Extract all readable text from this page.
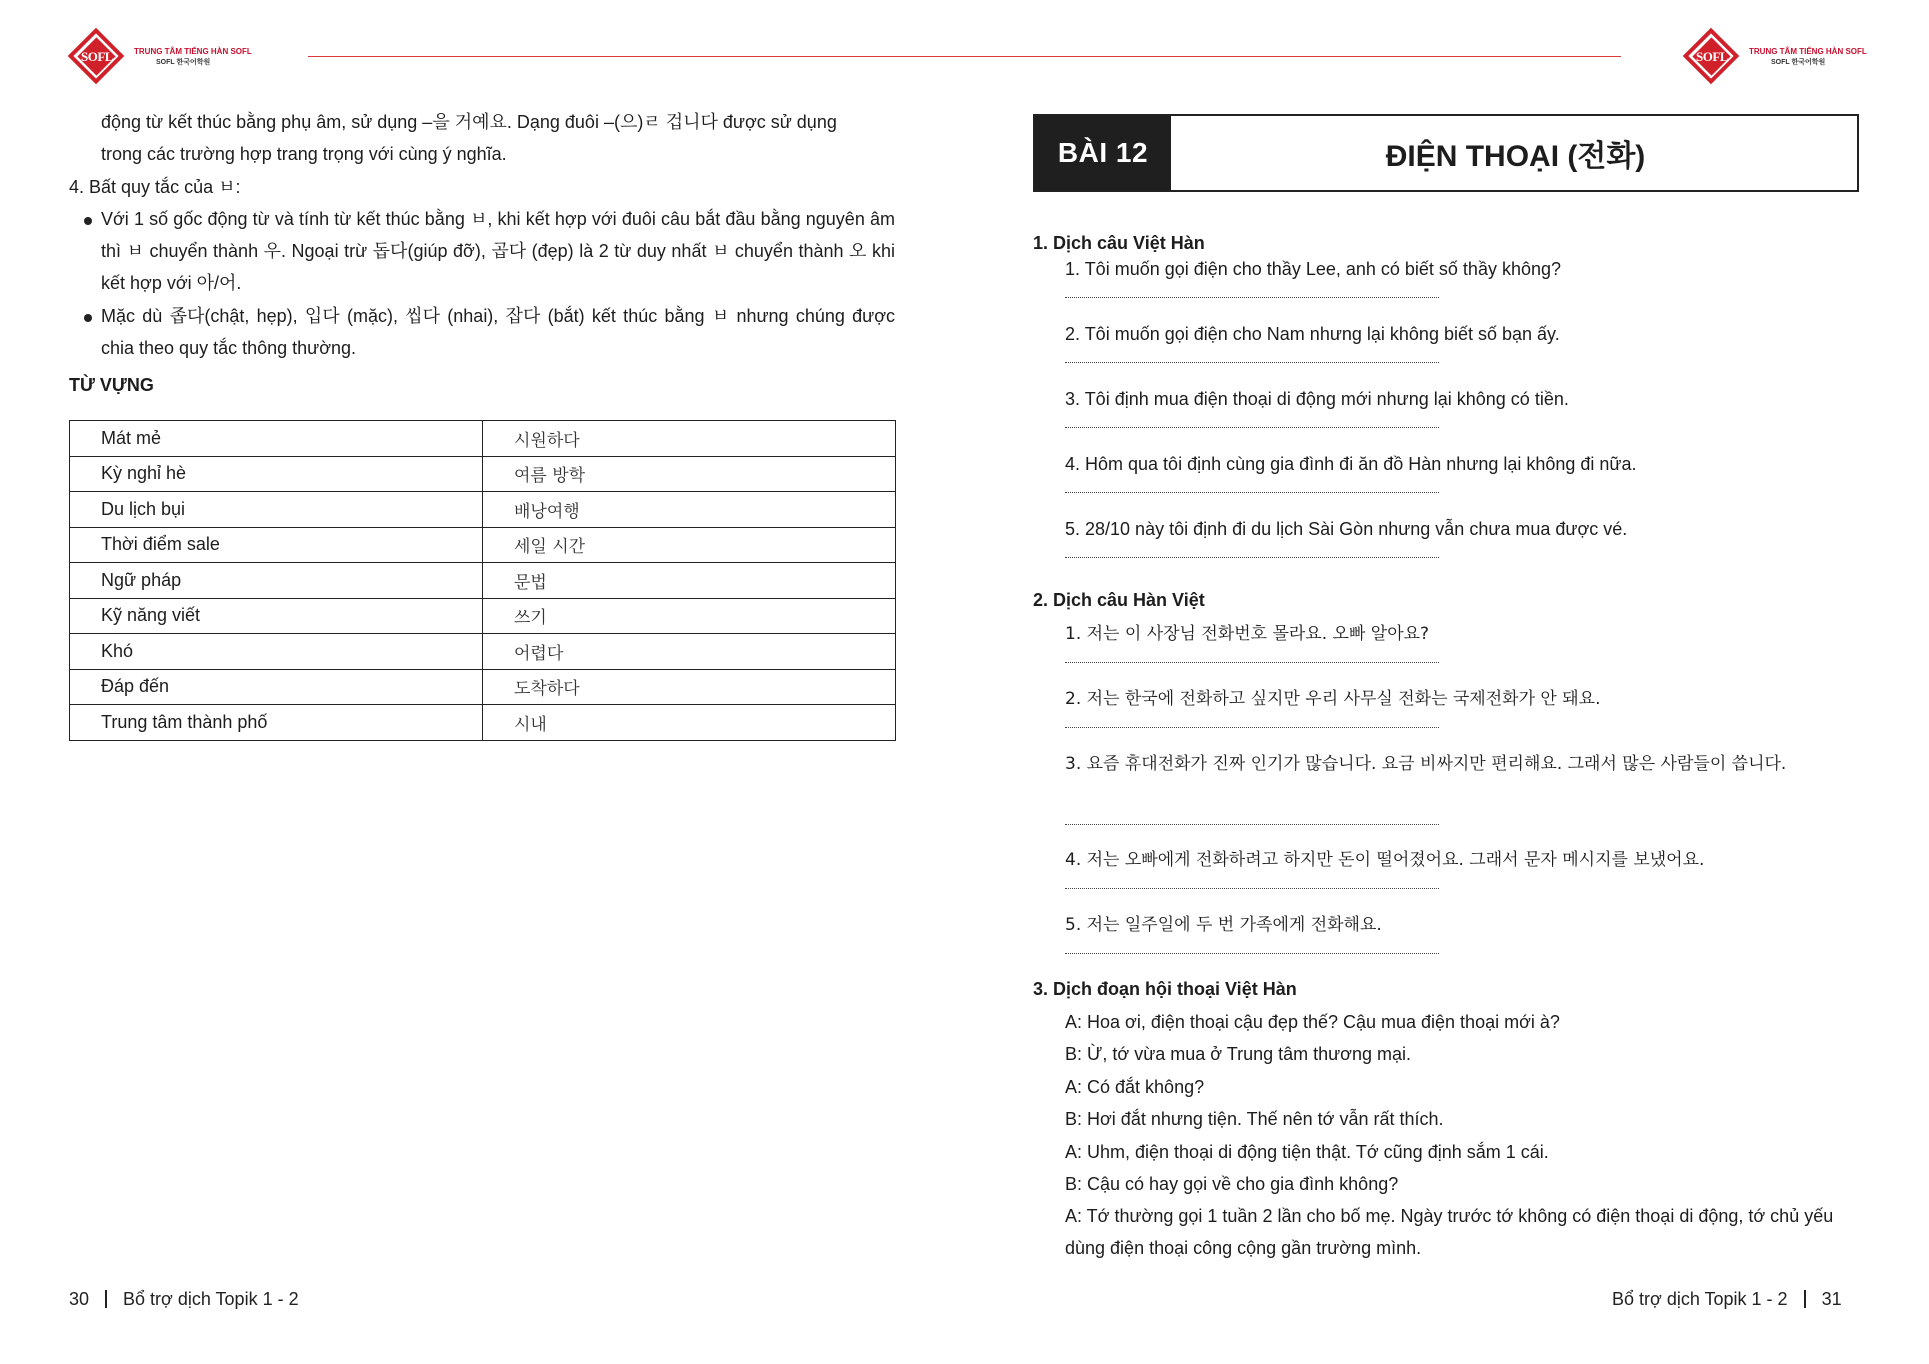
SOFL	TRUNG TÂM TIẾNG HÀN SOFL
SOFL 한국어학원
động từ kết thúc bằng phụ âm, sử dụng –을 거예요. Dạng đuôi –(으)ㄹ 겁니다 được sử dụng
trong các trường hợp trang trọng với cùng ý nghĩa.
4. Bất quy tắc của ㅂ:
Với 1 số gốc động từ và tính từ kết thúc bằng ㅂ, khi kết hợp với đuôi câu bắt đầu bằng nguyên âm thì ㅂ chuyển thành 우. Ngoại trừ 돕다(giúp đỡ), 곱다 (đẹp) là 2 từ duy nhất ㅂ chuyển thành 오 khi kết hợp với 아/어.
Mặc dù 좁다(chật, hẹp), 입다 (mặc), 씹다 (nhai), 잡다 (bắt) kết thúc bằng ㅂ nhưng chúng được chia theo quy tắc thông thường.
TỪ VỰNG
Mát mẻ	시원하다
Kỳ nghỉ hè	여름 방학
Du lịch bụi	배낭여행
Thời điểm sale	세일 시간
Ngữ pháp	문법
Kỹ năng viết	쓰기
Khó	어렵다
Đáp đến	도착하다
Trung tâm thành phố	시내
30 Bổ trợ dịch Topik 1 - 2
SOFL	TRUNG TÂM TIẾNG HÀN SOFL
SOFL 한국어학원
BÀI 12	ĐIỆN THOẠI (전화)
1. Dịch câu Việt Hàn
1. Tôi muốn gọi điện cho thầy Lee, anh có biết số thầy không?
2. Tôi muốn gọi điện cho Nam nhưng lại không biết số bạn ấy.
3. Tôi định mua điện thoại di động mới nhưng lại không có tiền.
4. Hôm qua tôi định cùng gia đình đi ăn đồ Hàn nhưng lại không đi nữa.
5. 28/10 này tôi định đi du lịch Sài Gòn nhưng vẫn chưa mua được vé.
2. Dịch câu Hàn Việt
1. 저는 이 사장님 전화번호 몰라요. 오빠 알아요?
2. 저는 한국에 전화하고 싶지만 우리 사무실 전화는 국제전화가 안 돼요.
3. 요즘 휴대전화가 진짜 인기가 많습니다. 요금 비싸지만 편리해요. 그래서 많은 사람들이 씁니다.
4. 저는 오빠에게 전화하려고 하지만 돈이 떨어졌어요. 그래서 문자 메시지를 보냈어요.
5. 저는 일주일에 두 번 가족에게 전화해요.
3. Dịch đoạn hội thoại Việt Hàn
A: Hoa ơi, điện thoại cậu đẹp thế? Cậu mua điện thoại mới à?
B: Ừ, tớ vừa mua ở Trung tâm thương mại.
A: Có đắt không?
B: Hơi đắt nhưng tiện. Thế nên tớ vẫn rất thích.
A: Uhm, điện thoại di động tiện thật. Tớ cũng định sắm 1 cái.
B: Cậu có hay gọi về cho gia đình không?
A: Tớ thường gọi 1 tuần 2 lần cho bố mẹ. Ngày trước tớ không có điện thoại di động, tớ chủ yếu dùng điện thoại công cộng gần trường mình.
Bổ trợ dịch Topik 1 - 2 31
